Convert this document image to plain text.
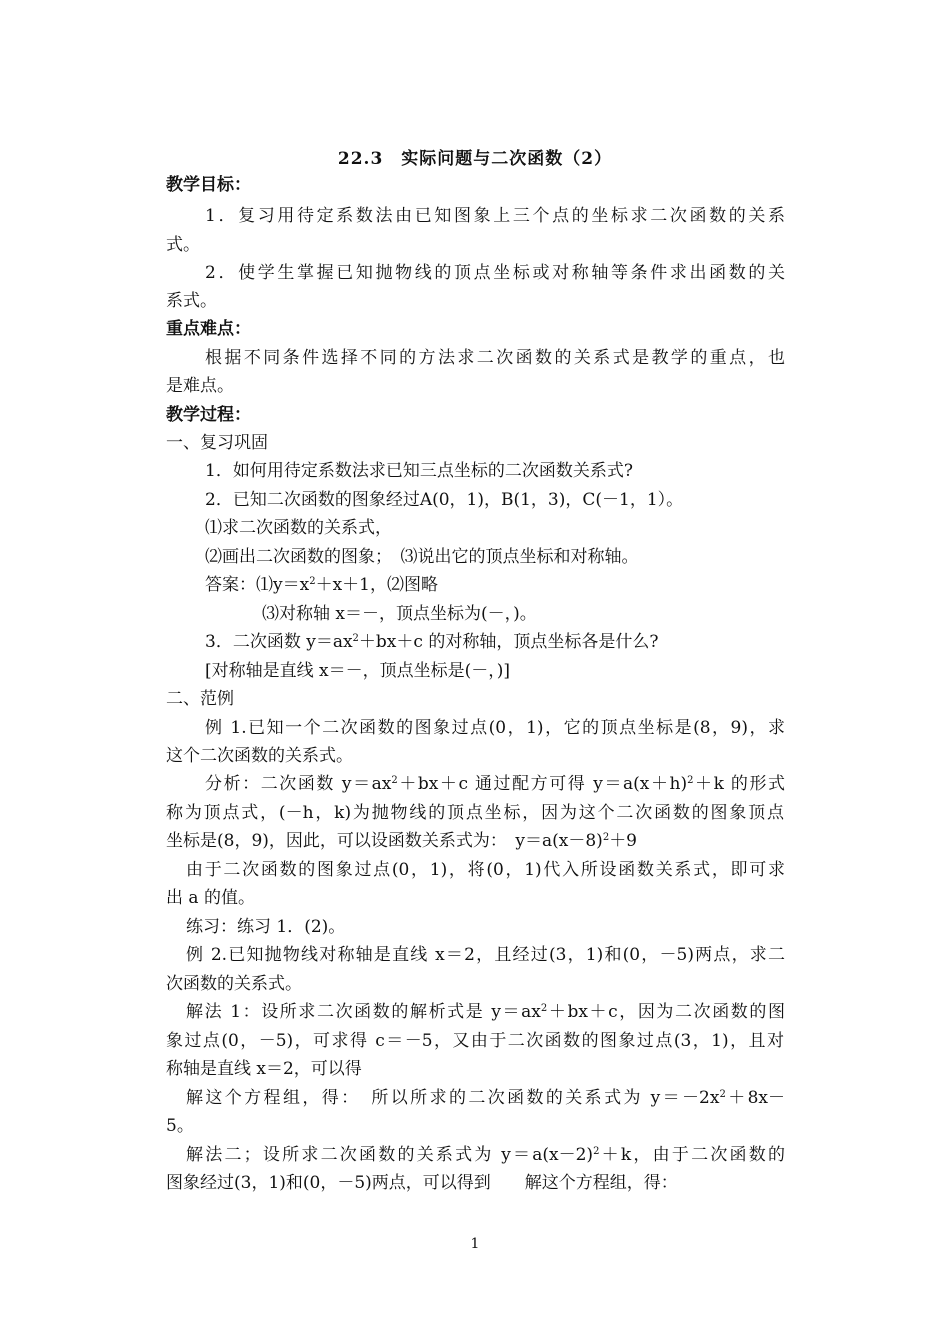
22.3　实际问题与二次函数（2）
教学目标：
1．复习用待定系数法由已知图象上三个点的坐标求二次函数的关系
式。
2．使学生掌握已知抛物线的顶点坐标或对称轴等条件求出函数的关
系式。
重点难点：
根据不同条件选择不同的方法求二次函数的关系式是教学的重点，也
是难点。
教学过程：
一、复习巩固
1．如何用待定系数法求已知三点坐标的二次函数关系式?
2．已知二次函数的图象经过A(0，1)，B(1，3)，C(－1，1）。
⑴求二次函数的关系式，
⑵画出二次函数的图象；　⑶说出它的顶点坐标和对称轴。
答案：$⑴y=x^2+x+1$，⑵图略
⑶对称轴 x＝－，顶点坐标为(－，)。
3．二次函数 $y=ax^2+bx+c$ 的对称轴，顶点坐标各是什么?
[对称轴是直线 x＝－，顶点坐标是(－，)]
二、范例
例 1.已知一个二次函数的图象过点(0，1)，它的顶点坐标是(8，9)，求
这个二次函数的关系式。
分析：二次函数 $y=ax^2+bx+c$ 通过配方可得 $y=a(x+h)^2+k$ 的形式
称为顶点式，(－h，k)为抛物线的顶点坐标，因为这个二次函数的图象顶点
坐标是(8，9)，因此，可以设函数关系式为：　$y=a(x-8)^2+9$
由于二次函数的图象过点(0，1)，将(0，1)代入所设函数关系式，即可求
出 a 的值。
练习：练习 1．(2)。
例 2.已知抛物线对称轴是直线 x＝2，且经过(3，1)和(0，－5)两点，求二
次函数的关系式。
解法 1：设所求二次函数的解析式是 $y=ax^2+bx+c$，因为二次函数的图
象过点(0，－5)，可求得 c＝－5，又由于二次函数的图象过点(3，1)，且对
称轴是直线 x＝2，可以得
解这个方程组，得：　所以所求的二次函数的关系式为 $y=-2x^2+8x-$
5。
解法二；设所求二次函数的关系式为 $y=a(x-2)^2+k$，由于二次函数的
图象经过(3，1)和(0，－5)两点，可以得到　　解这个方程组，得：
1
